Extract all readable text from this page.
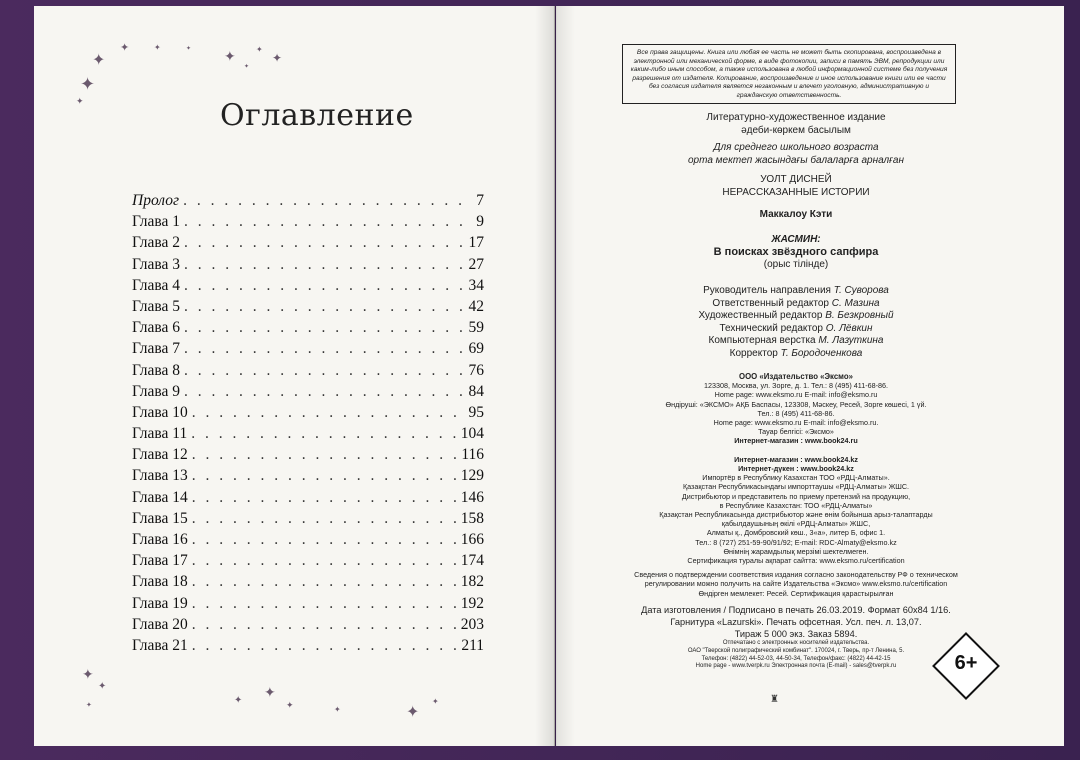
✦
✦
✦
✦
✦	✦
✦	✦
✦
✦
Оглавление
Пролог . . .	7
Глава 1 . . .	9
Глава 2 . . .	17
Глава 3 . . .	27
Глава 4 . . .	34
Глава 5 . . .	42
Глава 6 . . .	59
Глава 7 . . .	69
Глава 8 . . .	76
Глава 9 . . .	84
Глава 10 . . .	95
Глава 11 . . .	104
Глава 12 . . .	116
Глава 13 . . .	129
Глава 14 . . .	146
Глава 15 . . .	158
Глава 16 . . .	166
Глава 17 . . .	174
Глава 18 . . .	182
Глава 19 . . .	192
Глава 20 . . .	203
Глава 21 . . .	211
✦
✦
✦	✦ ✦
✦	✦	✦
✦
Все права защищены. Книга или любая ее часть не может быть скопирована, воспроизведена в электронной или механической форме, в виде фотокопии, записи в память ЭВМ, репродукции или каким-либо иным способом, а также использована в любой информационной системе без получения разрешения от издателя. Копирование, воспроизведение и иное использование книги или ее части без согласия издателя является незаконным и влечет уголовную, административную и гражданскую ответственность.
Литературно-художественное издание
әдеби-көркем басылым
Для среднего школьного возраста
орта мектеп жасындағы балаларға арналған
УОЛТ ДИСНЕЙ
НЕРАССКАЗАННЫЕ ИСТОРИИ
Маккалоу Кэти
ЖАСМИН:
В поисках звёздного сапфира
(орыс тілінде)
Руководитель направления Т. Суворова
Ответственный редактор С. Мазина
Художественный редактор В. Безкровный
Технический редактор О. Лёвкин
Компьютерная верстка М. Лазуткина
Корректор Т. Бородоченкова
ООО «Издательство «Эксмо»
123308, Москва, ул. Зорге, д. 1. Тел.: 8 (495) 411-68-86.
Home page: www.eksmo.ru E-mail: info@eksmo.ru
Өндіруші: «ЭКСМО» АҚБ Баспасы, 123308, Мәскеу, Ресей, Зорге көшесі, 1 үй.
Тел.: 8 (495) 411-68-86.
Home page: www.eksmo.ru E-mail: info@eksmo.ru.
Тауар белгісі: «Эксмо»
Интернет-магазин : www.book24.ru

Интернет-магазин : www.book24.kz
Интернет-дүкен : www.book24.kz
Импортёр в Республику Казахстан ТОО «РДЦ-Алматы».
Қазақстан Республикасындағы импорттаушы «РДЦ-Алматы» ЖШС.
Дистрибьютор и представитель по приему претензий на продукцию,
в Республике Казахстан: ТОО «РДЦ-Алматы»
Қазақстан Республикасында дистрибьютор және өнім бойынша арыз-талаптарды
қабылдаушының өкілі «РДЦ-Алматы» ЖШС,
Алматы қ., Домбровский көш., 3«а», литер Б, офис 1.
Тел.: 8 (727) 251-59-90/91/92; E-mail: RDC-Almaty@eksmo.kz
Өнімнің жарамдылық мерзімі шектелмеген.
Сертификация туралы ақпарат сайтта: www.eksmo.ru/certification
Сведения о подтверждении соответствия издания согласно законодательству РФ о техническом
регулировании можно получить на сайте Издательства «Эксмо» www.eksmo.ru/certification
Өндірген мемлекет: Ресей. Сертификация қарастырылған
Дата изготовления / Подписано в печать 26.03.2019. Формат 60x84 1/16.
Гарнитура «Lazurski». Печать офсетная. Усл. печ. л. 13,07.
Тираж 5 000 экз. Заказ 5894.
Отпечатано с электронных носителей издательства.
ОАО "Тверской полиграфический комбинат". 170024, г. Тверь, пр-т Ленина, 5.
Телефон: (4822) 44-52-03, 44-50-34, Телефон/факс: (4822) 44-42-15
Home page - www.tverpk.ru Электронная почта (E-mail) - sales@tverpk.ru	6+
♜
